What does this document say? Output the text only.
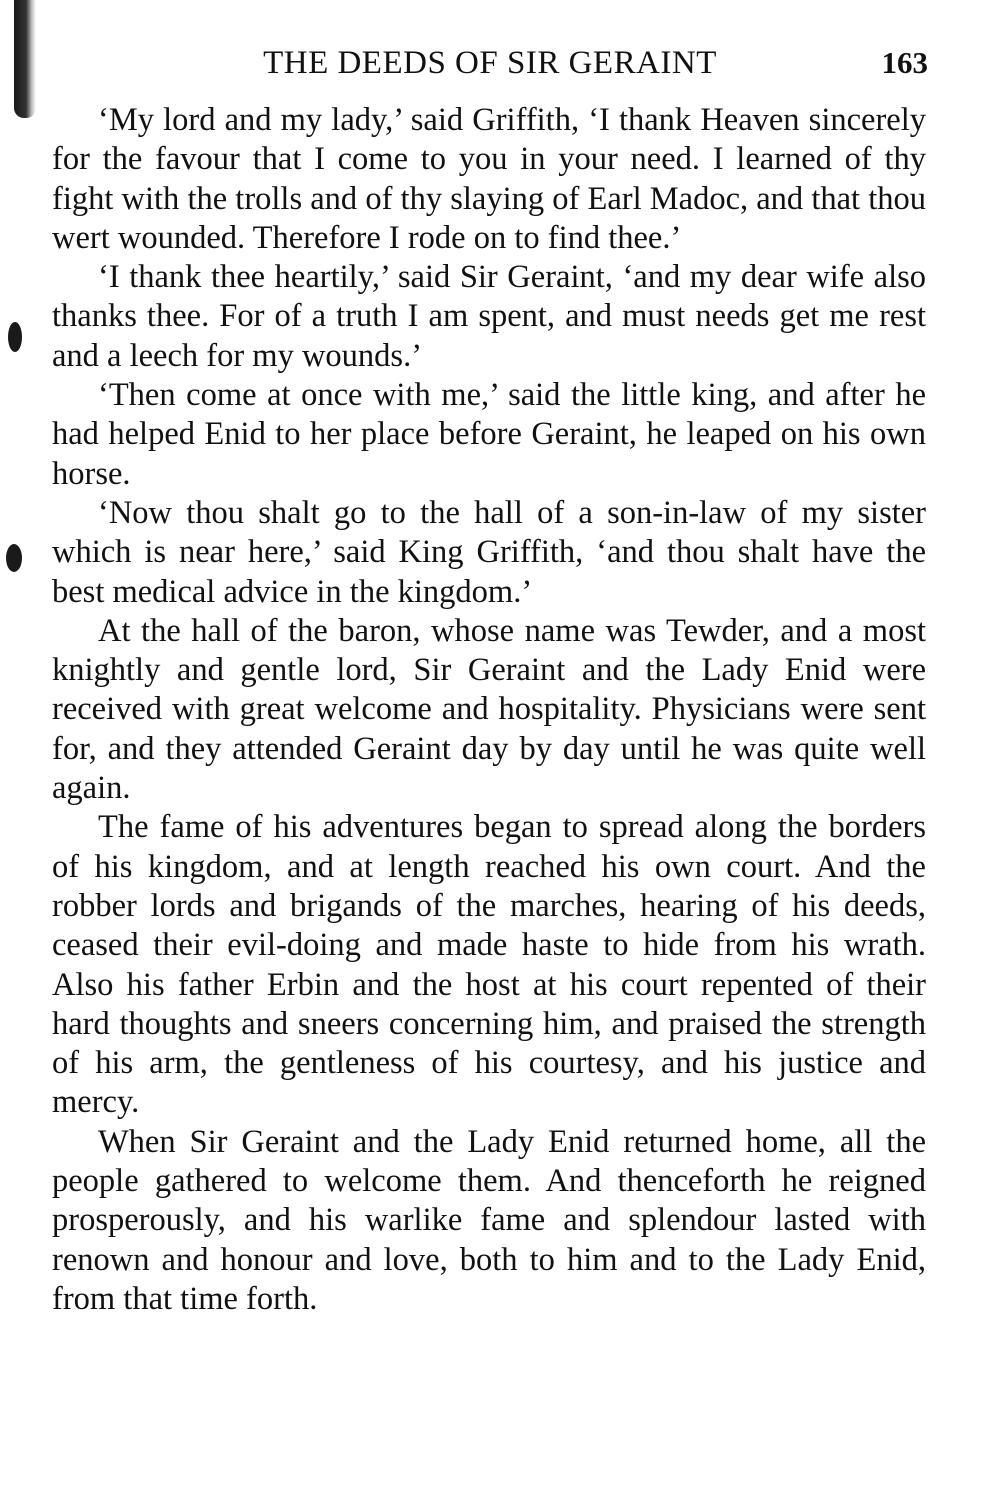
THE DEEDS OF SIR GERAINT	163

‘My lord and my lady,’ said Griffith, ‘I thank Heaven sincerely for the favour that I come to you in your need. I learned of thy fight with the trolls and of thy slaying of Earl Madoc, and that thou wert wounded. Therefore I rode on to find thee.’

‘I thank thee heartily,’ said Sir Geraint, ‘and my dear wife also thanks thee. For of a truth I am spent, and must needs get me rest and a leech for my wounds.’

‘Then come at once with me,’ said the little king, and after he had helped Enid to her place before Geraint, he leaped on his own horse.

‘Now thou shalt go to the hall of a son-in-law of my sister which is near here,’ said King Griffith, ‘and thou shalt have the best medical advice in the kingdom.’

At the hall of the baron, whose name was Tewder, and a most knightly and gentle lord, Sir Geraint and the Lady Enid were received with great welcome and hospitality. Physicians were sent for, and they attended Geraint day by day until he was quite well again.

The fame of his adventures began to spread along the borders of his kingdom, and at length reached his own court. And the robber lords and brigands of the marches, hearing of his deeds, ceased their evil-doing and made haste to hide from his wrath. Also his father Erbin and the host at his court repented of their hard thoughts and sneers concerning him, and praised the strength of his arm, the gentleness of his courtesy, and his justice and mercy.

When Sir Geraint and the Lady Enid returned home, all the people gathered to welcome them. And thenceforth he reigned prosperously, and his warlike fame and splendour lasted with renown and honour and love, both to him and to the Lady Enid, from that time forth.
